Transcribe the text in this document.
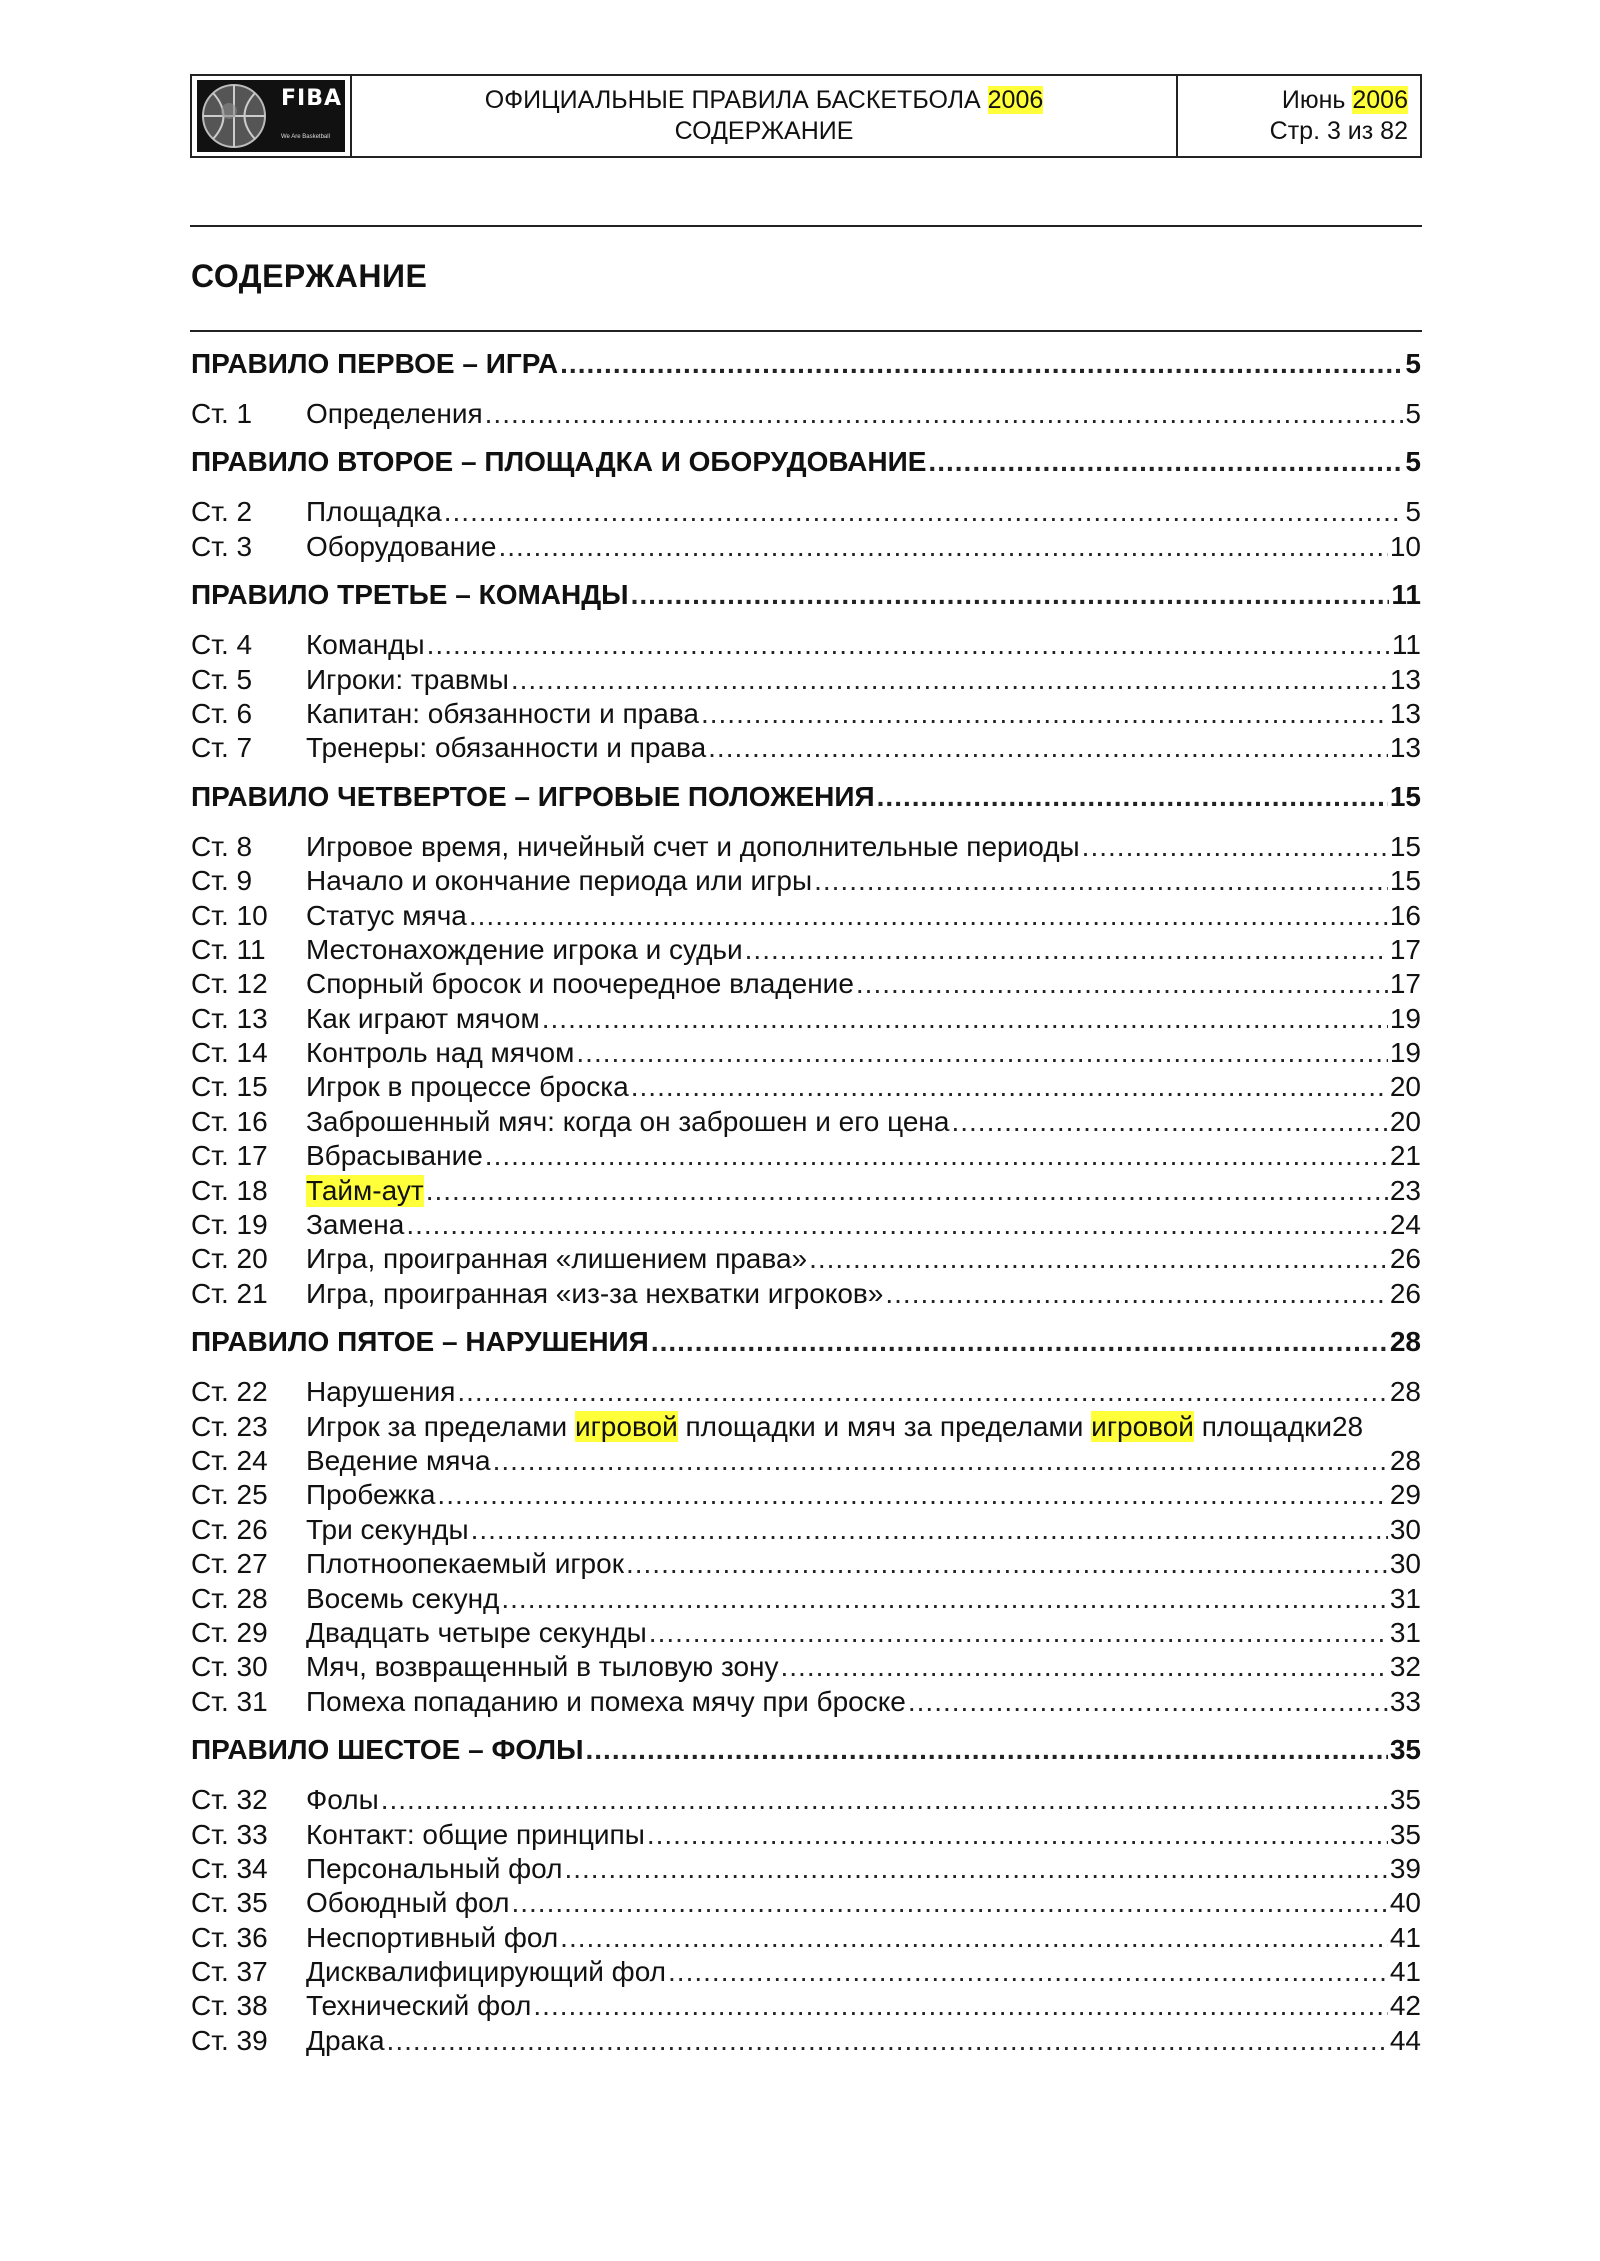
FIBA
We Are Basketball
ОФИЦИАЛЬНЫЕ ПРАВИЛА БАСКЕТБОЛА 2006
СОДЕРЖАНИЕ
Июнь 2006
Стр. 3 из 82
СОДЕРЖАНИЕ
ПРАВИЛО ПЕРВОЕ – ИГРА .....	5
Ст. 1	Определения .....	5
ПРАВИЛО ВТОРОЕ – ПЛОЩАДКА И ОБОРУДОВАНИЕ .....	5
Ст. 2	Площадка .....	5
Ст. 3	Оборудование .....	10
ПРАВИЛО ТРЕТЬЕ – КОМАНДЫ .....	11
Ст. 4	Команды .....	11
Ст. 5	Игроки: травмы .....	13
Ст. 6	Капитан: обязанности и права .....	13
Ст. 7	Тренеры: обязанности и права .....	13
ПРАВИЛО ЧЕТВЕРТОЕ – ИГРОВЫЕ ПОЛОЖЕНИЯ .....	15
Ст. 8	Игровое время, ничейный счет и дополнительные периоды .....	15
Ст. 9	Начало и окончание периода или игры .....	15
Ст. 10	Статус мяча .....	16
Ст. 11	Местонахождение игрока и судьи .....	17
Ст. 12	Спорный бросок и поочередное владение .....	17
Ст. 13	Как играют мячом .....	19
Ст. 14	Контроль над мячом .....	19
Ст. 15	Игрок в процессе броска .....	20
Ст. 16	Заброшенный мяч: когда он заброшен и его цена .....	20
Ст. 17	Вбрасывание .....	21
Ст. 18	Тайм-аут .....	23
Ст. 19	Замена .....	24
Ст. 20	Игра, проигранная «лишением права» .....	26
Ст. 21	Игра, проигранная «из-за нехватки игроков» .....	26
ПРАВИЛО ПЯТОЕ – НАРУШЕНИЯ .....	28
Ст. 22	Нарушения .....	28
Ст. 23	Игрок за пределами игровой площадки и мяч за пределами игровой площадки 28
Ст. 24	Ведение мяча .....	28
Ст. 25	Пробежка .....	29
Ст. 26	Три секунды .....	30
Ст. 27	Плотноопекаемый игрок .....	30
Ст. 28	Восемь секунд .....	31
Ст. 29	Двадцать четыре секунды .....	31
Ст. 30	Мяч, возвращенный в тыловую зону .....	32
Ст. 31	Помеха попаданию и помеха мячу при броске .....	33
ПРАВИЛО ШЕСТОЕ – ФОЛЫ .....	35
Ст. 32	Фолы .....	35
Ст. 33	Контакт: общие принципы .....	35
Ст. 34	Персональный фол .....	39
Ст. 35	Обоюдный фол .....	40
Ст. 36	Неспортивный фол .....	41
Ст. 37	Дисквалифицирующий фол .....	41
Ст. 38	Технический фол .....	42
Ст. 39	Драка .....	44
